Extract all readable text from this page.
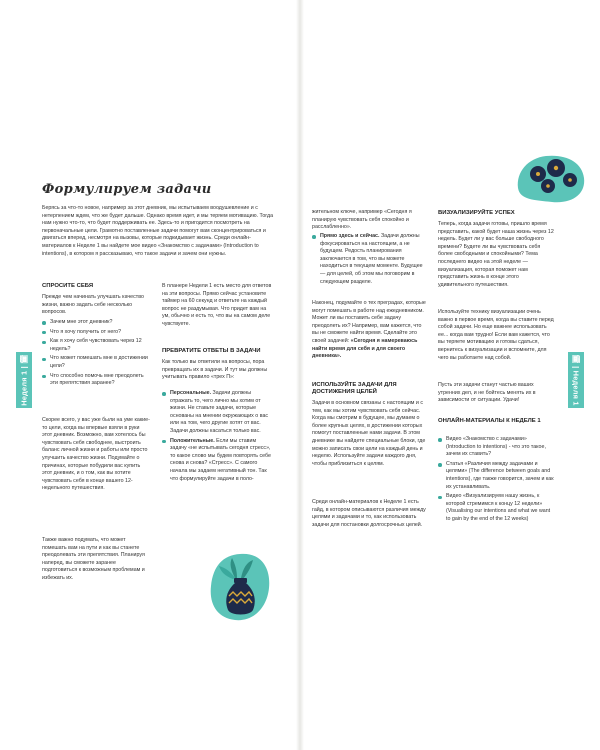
Неделя 1 | 🗓	🗓 | Неделя 1
Формулируем задачи

Берясь за что-то новое, например за этот дневник, мы испытываем воодушевление и с нетерпением ждем, что же будет дальше. Однако время идет, и мы теряем мотивацию. Тогда нам нужно что-то, что будет поддерживать ее. Здесь-то и пригодится посмотреть на первоначальные цели. Грамотно поставленные задачи помогут вам сконцентрироваться и двигаться вперед, несмотря на вызовы, которые подкидывает жизнь. Среди онлайн-материалов к Неделе 1 вы найдете мое видео «Знакомство с задачами» (Introduction to intentions), в котором я рассказываю, что такое задачи и зачем они нужны.

СПРОСИТЕ СЕБЯ

Прежде чем начинать улучшать качество жизни, важно задать себе несколько вопросов.

Зачем мне этот дневник?
Что я хочу получить от него?
Как я хочу себя чувствовать через 12 недель?
Что может помешать мне в достижении цели?
Что способно помочь мне преодолеть эти препятствия заранее?

Скорее всего, у вас уже были на уме какие-то цели, когда вы впервые взяли в руки этот дневник. Возможно, вам хотелось бы чувствовать себя свободнее, выстроить баланс личной жизни и работы или просто улучшить качество жизни. Подумайте о причинах, которые побудили вас купить этот дневник, и о том, как вы хотите чувствовать себя в конце вашего 12-недельного путешествия.

Также важно подумать, что может помешать вам на пути и как вы станете преодолевать эти препятствия. Планируя наперед, вы сможете заранее подготовиться к возможным проблемам и избежать их.

В планере Недели 1 есть место для ответов на эти вопросы. Прямо сейчас установите таймер на 60 секунд и ответьте на каждый вопрос не раздумывая. Что придет вам на ум, обычно и есть то, что вы на самом деле чувствуете.

ПРЕВРАТИТЕ ОТВЕТЫ В ЗАДАЧИ

Как только вы ответили на вопросы, пора превращать их в задачи. И тут мы должны учитывать правило «трех П»:

Персональные. Задачи должны отражать то, чего лично мы хотим от жизни. Не ставьте задачи, которые основаны на мнении окружающих о вас или на том, чего другие хотят от вас. Задачи должны касаться только вас.
Положительные. Если мы ставим задачу «не испытывать сегодня стресс», то какое слово мы будем повторять себе снова и снова? «Стресс». С самого начала мы задаем негативный тон. Так что формулируйте задачи в поло-

жительном ключе, например «Сегодня я планирую чувствовать себя спокойно и расслабленно».

Прямо здесь и сейчас. Задачи должны фокусироваться на настоящем, а не будущем. Редость планирования заключается в том, что вы можете находиться в текущем моменте. Будущее — для целей, об этом мы поговорим в следующем разделе.

Наконец, подумайте о тех преградах, которые могут помешать в работе над ежедневником. Может ли вы поставить себе задачу преодолеть их? Например, вам кажется, что вы не сможете найти время. Сделайте это своей задачей: «Сегодня я намереваюсь найти время для себя и для своего дневника».

ИСПОЛЬЗУЙТЕ ЗАДАЧИ ДЛЯ ДОСТИЖЕНИЯ ЦЕЛЕЙ

Задачи в основном связаны с настоящим и с тем, как мы хотим чувствовать себя сейчас. Когда мы смотрим в будущее, мы думаем о более крупных целях, в достижении которых помогут поставленные нами задачи. В этом дневнике вы найдете специальные блоки, где можно записать свои цели на каждый день и неделю. Используйте задачи каждого дня, чтобы приблизиться к целям.

Среди онлайн-материалов к Неделе 1 есть гайд, в котором описываются различия между целями и задачами и то, как использовать задачи для постановки долгосрочных целей.

ВИЗУАЛИЗИРУЙТЕ УСПЕХ

Теперь, когда задачи готовы, пришло время представить, какой будет наша жизнь через 12 недель. Будет ли у вас больше свободного времени? Будете ли вы чувствовать себя более свободными и спокойными? Тема последнего видео на этой неделе — визуализация, которая поможет нам представить жизнь в конце этого удивительного путешествия.

Используйте технику визуализации очень важно в первое время, когда вы ставите перед собой задачи. Но еще важнее использовать ее... когда вам трудно! Если вам кажется, что вы теряете мотивацию и готовы сдаться, вернитесь к визуализации и вспомните, для чего вы работаете над собой.

Пусть эти задачи станут частью ваших утренних дел, и не бойтесь менять их в зависимости от ситуации. Удачи!

ОНЛАЙН-МАТЕРИАЛЫ К НЕДЕЛЕ 1
Видео «Знакомство с задачами» (Introduction to intentions) - что это такое, зачем их ставить?
Статья «Различия между задачами и целями» (The difference between goals and intentions), где также говорится, зачем и как их устанавливать.
Видео «Визуализируем нашу жизнь, к которой стремимся к концу 12 недели» (Visualising our intentions and what we want to gain by the end of the 12 weeks)
